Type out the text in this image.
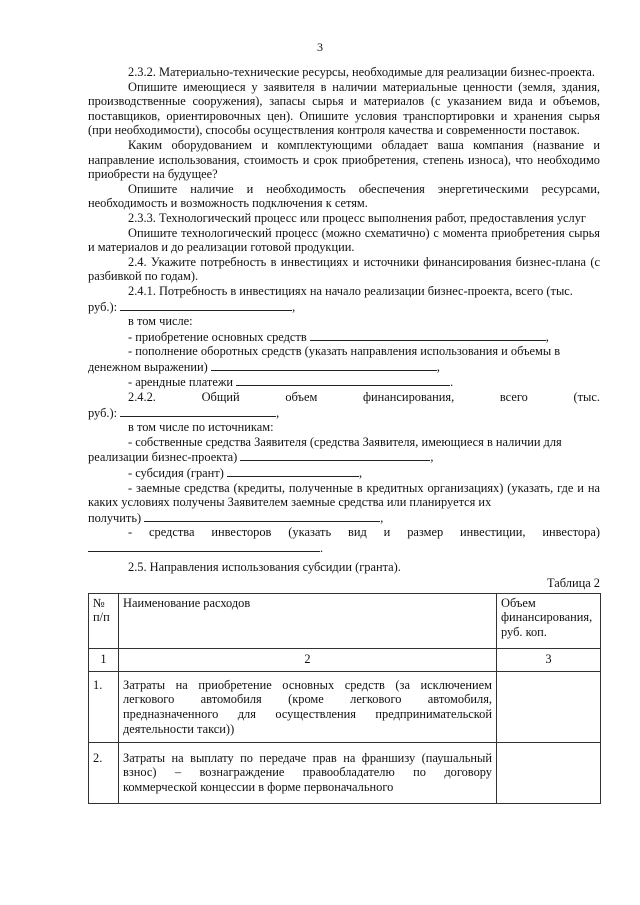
3

2.3.2. Материально-технические ресурсы, необходимые для реализации бизнес-проекта.

Опишите имеющиеся у заявителя в наличии материальные ценности (земля, здания, производственные сооружения), запасы сырья и материалов (с указанием вида и объемов, поставщиков, ориентировочных цен). Опишите условия транспортировки и хранения сырья (при необходимости), способы осуществления контроля качества и современности поставок.

Каким оборудованием и комплектующими обладает ваша компания (название и направление использования, стоимость и срок приобретения, степень износа), что необходимо приобрести на будущее?

Опишите наличие и необходимость обеспечения энергетическими ресурсами, необходимость и возможность подключения к сетям.

2.3.3. Технологический процесс или процесс выполнения работ, предоставления услуг

Опишите технологический процесс (можно схематично) с момента приобретения сырья и материалов и до реализации готовой продукции.

2.4. Укажите потребность в инвестициях и источники финансирования бизнес-плана (с разбивкой по годам).

2.4.1. Потребность в инвестициях на начало реализации бизнес-проекта, всего (тыс.

руб.):	,

в том числе:

- приобретение основных средств	,

- пополнение оборотных средств (указать направления использования и объемы в

денежном выражении)	,

- арендные платежи	.

2.4.2.	Общий	объем	финансирования,	всего	(тыс.

руб.):	,

в том числе по источникам:

- собственные средства Заявителя (средства Заявителя, имеющиеся в наличии для

реализации бизнес-проекта)	,

- субсидия (грант)	,

- заемные средства (кредиты, полученные в кредитных организациях) (указать, где и на каких условиях получены Заявителем заемные средства или планируется их

получить)	,

- средства инвесторов (указать вид и размер инвестиции, инвестора)

.

2.5. Направления использования субсидии (гранта).

Таблица 2

№ п/п	Наименование расходов	Объем финансирования, руб. коп.
1	2	3
1.	Затраты на приобретение основных средств (за исключением легкового автомобиля (кроме легкового автомобиля, предназначенного для осуществления предпринимательской деятельности такси))	
2.	Затраты на выплату по передаче прав на франшизу (паушальный взнос) – вознаграждение правообладателю по договору коммерческой концессии в форме первоначального	
